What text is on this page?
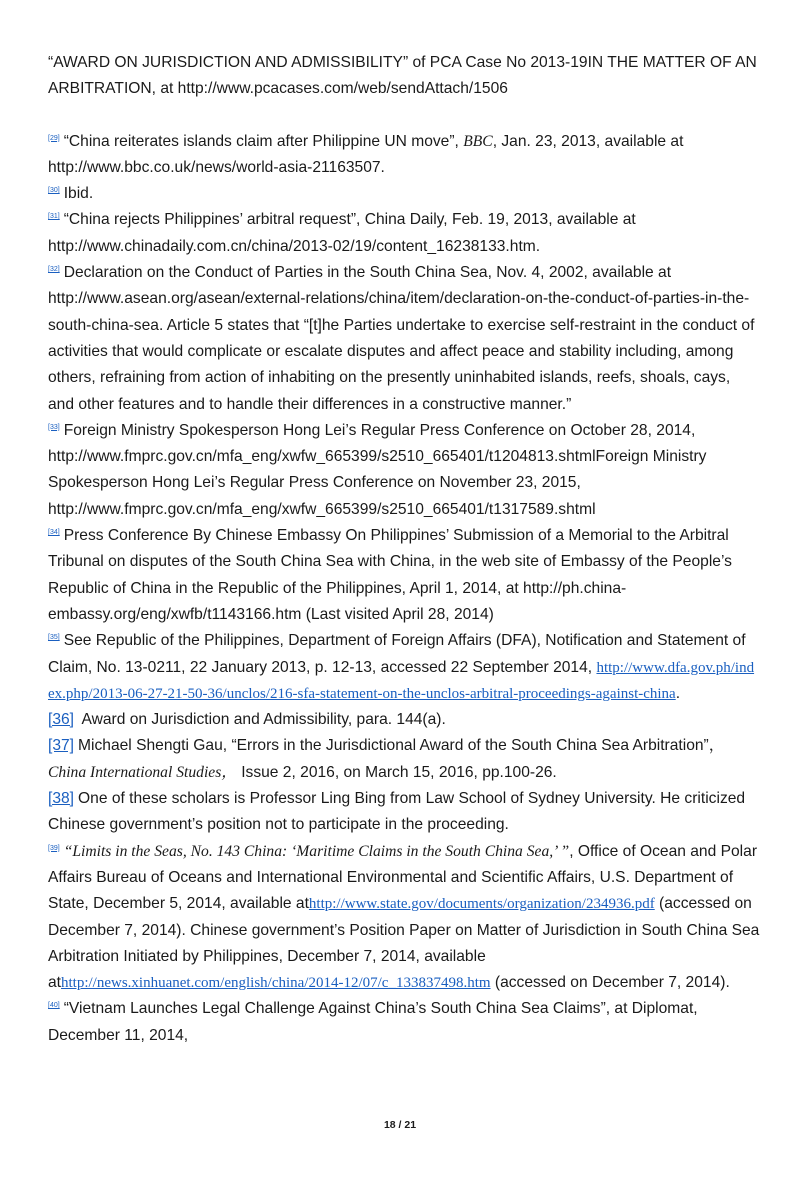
“AWARD ON JURISDICTION AND ADMISSIBILITY” of PCA Case No 2013-19IN THE MATTER OF AN ARBITRATION, at http://www.pcacases.com/web/sendAttach/1506

[29] “China reiterates islands claim after Philippine UN move”, BBC, Jan. 23, 2013, available at http://www.bbc.co.uk/news/world-asia-21163507.

[30] Ibid.

[31] “China rejects Philippines’ arbitral request”, China Daily, Feb. 19, 2013, available at http://www.chinadaily.com.cn/china/2013-02/19/content_16238133.htm.

[32] Declaration on the Conduct of Parties in the South China Sea, Nov. 4, 2002, available at http://www.asean.org/asean/external-relations/china/item/declaration-on-the-conduct-of-parties-in-the-south-china-sea. Article 5 states that “[t]he Parties undertake to exercise self-restraint in the conduct of activities that would complicate or escalate disputes and affect peace and stability including, among others, refraining from action of inhabiting on the presently uninhabited islands, reefs, shoals, cays, and other features and to handle their differences in a constructive manner.”

[33] Foreign Ministry Spokesperson Hong Lei’s Regular Press Conference on October 28, 2014, http://www.fmprc.gov.cn/mfa_eng/xwfw_665399/s2510_665401/t1204813.shtmlForeign Ministry Spokesperson Hong Lei’s Regular Press Conference on November 23, 2015, http://www.fmprc.gov.cn/mfa_eng/xwfw_665399/s2510_665401/t1317589.shtml

[34] Press Conference By Chinese Embassy On Philippines’ Submission of a Memorial to the Arbitral Tribunal on disputes of the South China Sea with China, in the web site of Embassy of the People’s Republic of China in the Republic of the Philippines, April 1, 2014, at http://ph.china-embassy.org/eng/xwfb/t1143166.htm (Last visited April 28, 2014)

[35] See Republic of the Philippines, Department of Foreign Affairs (DFA), Notification and Statement of Claim, No. 13-0211, 22 January 2013, p. 12-13, accessed 22 September 2014, http://www.dfa.gov.ph/index.php/2013-06-27-21-50-36/unclos/216-sfa-statement-on-the-unclos-arbitral-proceedings-against-china.

[36] Award on Jurisdiction and Admissibility, para. 144(a).

[37] Michael Shengti Gau, “Errors in the Jurisdictional Award of the South China Sea Arbitration”，China International Studies， Issue 2, 2016, on March 15, 2016, pp.100-26.

[38] One of these scholars is Professor Ling Bing from Law School of Sydney University. He criticized Chinese government’s position not to participate in the proceeding.

[39] “Limits in the Seas, No. 143 China: ‘Maritime Claims in the South China Sea,’ ”, Office of Ocean and Polar Affairs Bureau of Oceans and International Environmental and Scientific Affairs, U.S. Department of State, December 5, 2014, available athttp://www.state.gov/documents/organization/234936.pdf (accessed on December 7, 2014). Chinese government’s Position Paper on Matter of Jurisdiction in South China Sea Arbitration Initiated by Philippines, December 7, 2014, available athttp://news.xinhuanet.com/english/china/2014-12/07/c_133837498.htm (accessed on December 7, 2014).

[40] “Vietnam Launches Legal Challenge Against China’s South China Sea Claims”, at Diplomat, December 11, 2014,

18 / 21
